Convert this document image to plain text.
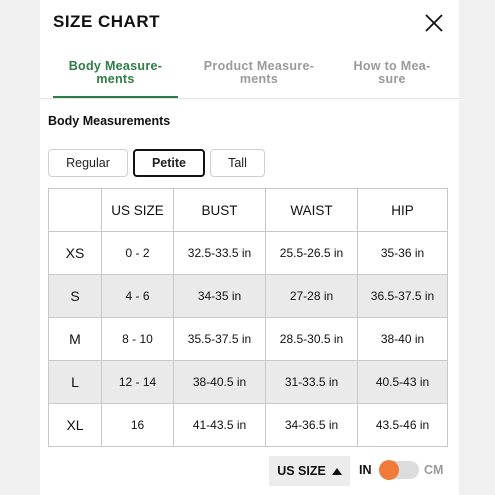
SIZE CHART
Body Measure-
ments
Product Measure-
ments
How to Mea-
sure
Body Measurements
Regular	Petite	Tall
	US SIZE	BUST	WAIST	HIP
XS	0 - 2	32.5-33.5 in	25.5-26.5 in	35-36 in
S	4 - 6	34-35 in	27-28 in	36.5-37.5 in
M	8 - 10	35.5-37.5 in	28.5-30.5 in	38-40 in
L	12 - 14	38-40.5 in	31-33.5 in	40.5-43 in
XL	16	41-43.5 in	34-36.5 in	43.5-46 in
US SIZE	IN	CM
